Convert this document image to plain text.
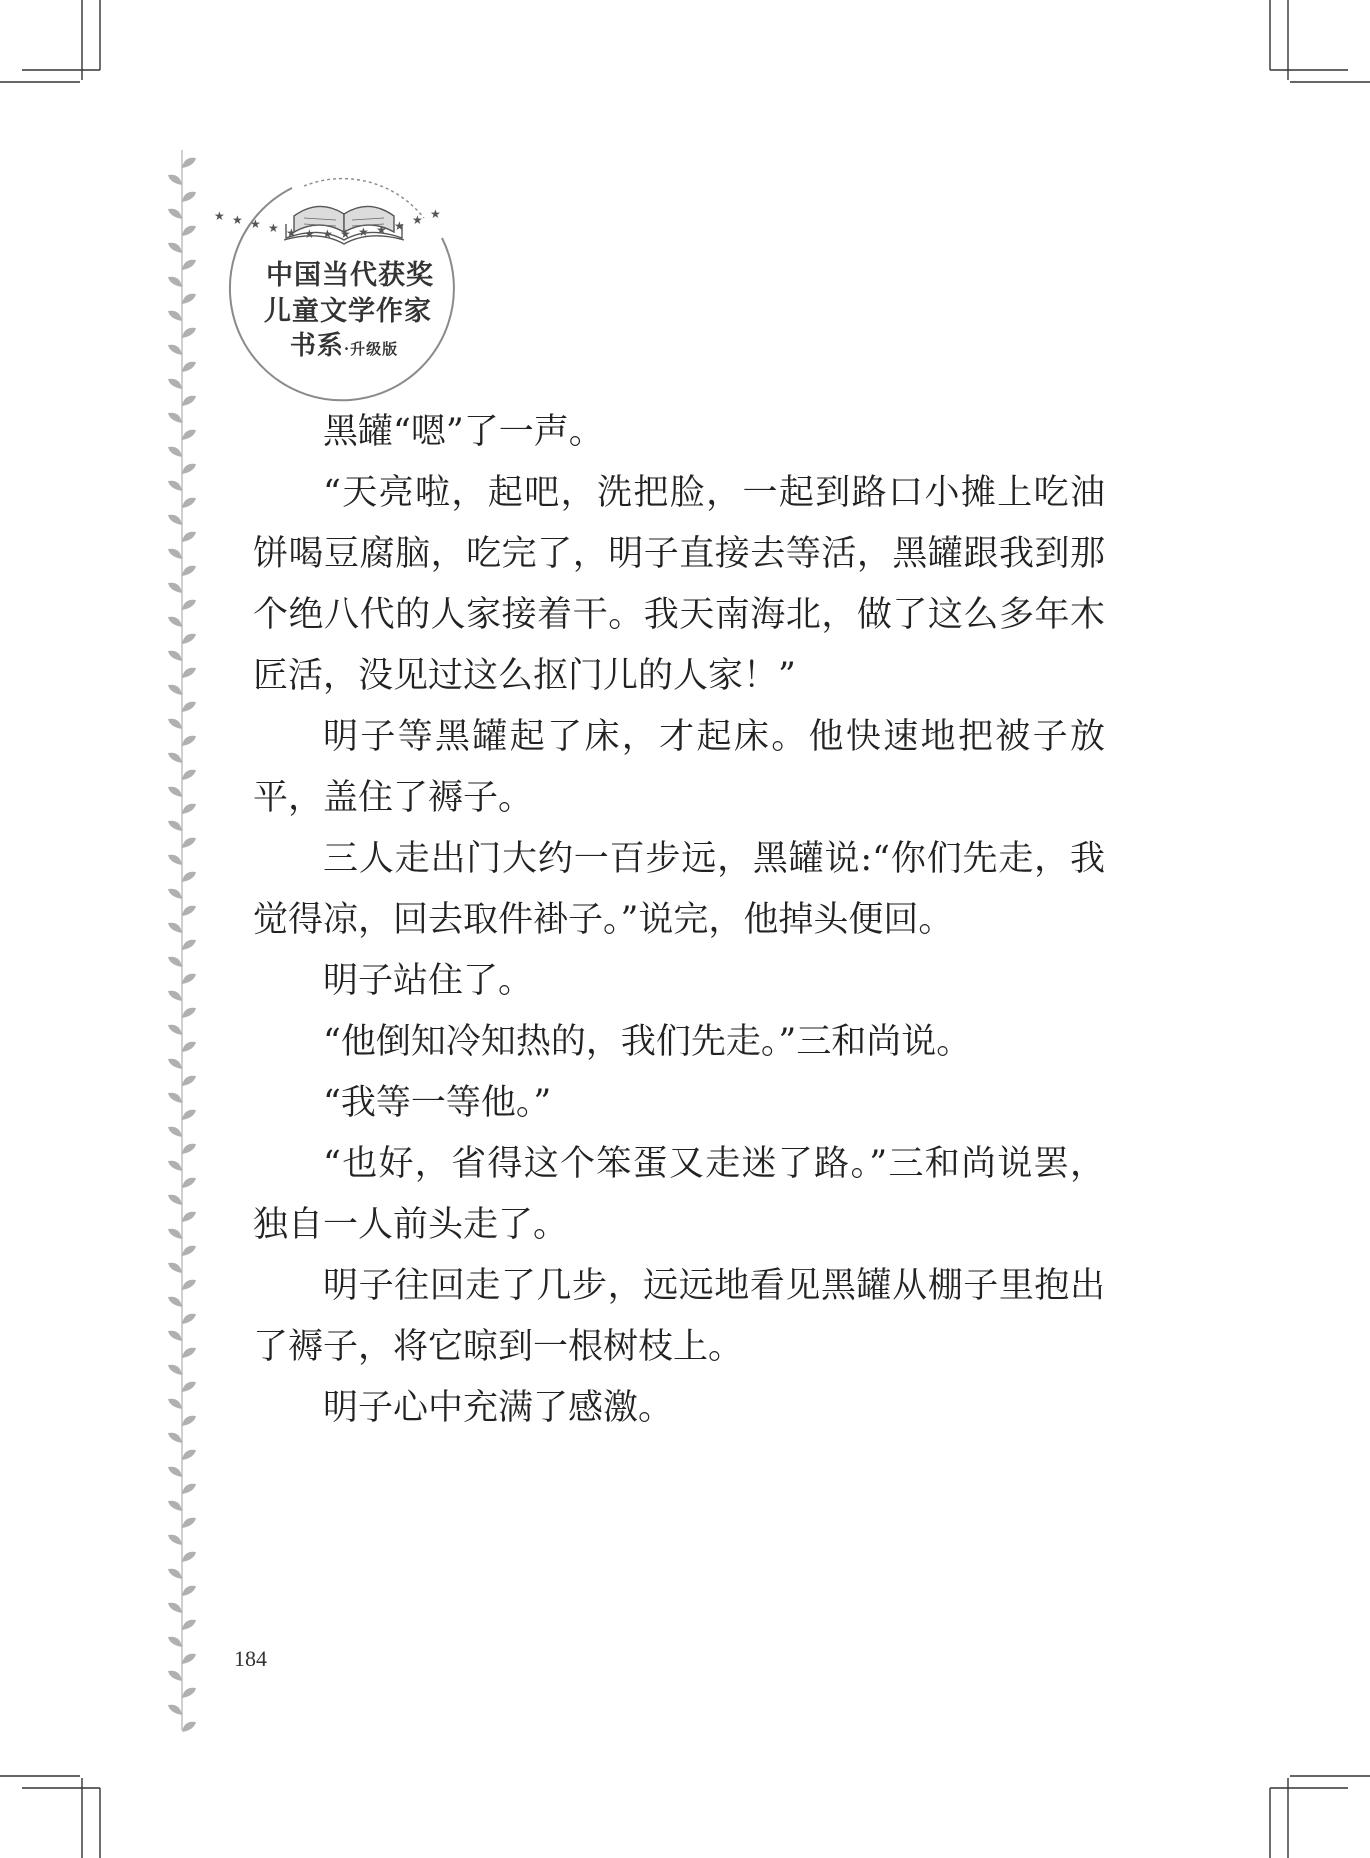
★ ★ ★ ★ ★ ★ ★ ★ ★ ★ ★ ★ ★
中国当代获奖
儿童文学作家
书系·升级版

黑罐“嗯”了一声。

“天亮啦，起吧，洗把脸，一起到路口小摊上吃油饼喝豆腐脑，吃完了，明子直接去等活，黑罐跟我到那个绝八代的人家接着干。我天南海北，做了这么多年木匠活，没见过这么抠门儿的人家！”

明子等黑罐起了床，才起床。他快速地把被子放平，盖住了褥子。

三人走出门大约一百步远，黑罐说:“你们先走，我觉得凉，回去取件褂子。”说完，他掉头便回。

明子站住了。

“他倒知冷知热的，我们先走。”三和尚说。

“我等一等他。”

“也好，省得这个笨蛋又走迷了路。”三和尚说罢，独自一人前头走了。

明子往回走了几步，远远地看见黑罐从棚子里抱出了褥子，将它晾到一根树枝上。

明子心中充满了感激。

184
